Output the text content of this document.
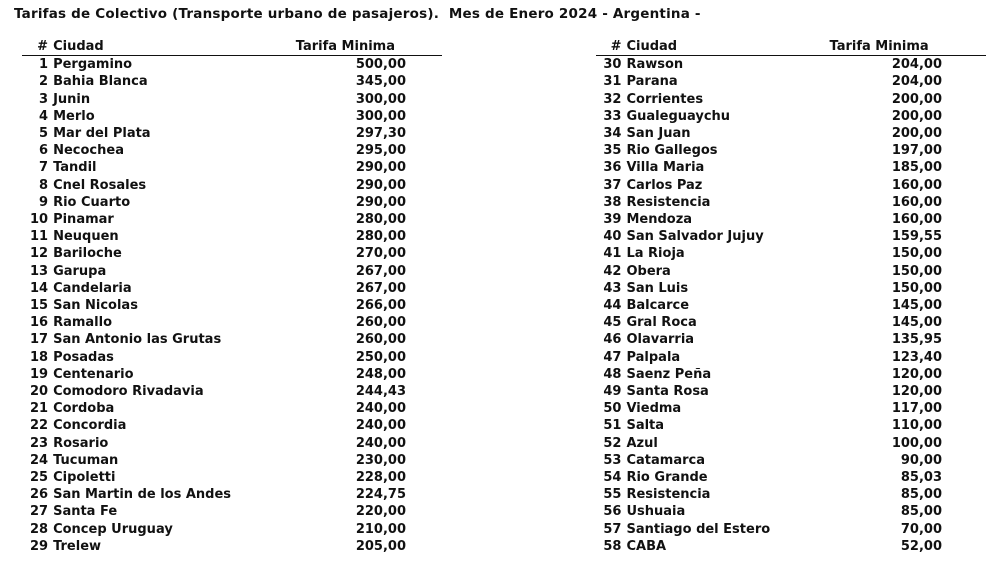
Tarifas de Colectivo (Transporte urbano de pasajeros).  Mes de Enero 2024 - Argentina -
#	Ciudad	Tarifa Minima
1	Pergamino	500,00
2	Bahia Blanca	345,00
3	Junin	300,00
4	Merlo	300,00
5	Mar del Plata	297,30
6	Necochea	295,00
7	Tandil	290,00
8	Cnel Rosales	290,00
9	Rio Cuarto	290,00
10	Pinamar	280,00
11	Neuquen	280,00
12	Bariloche	270,00
13	Garupa	267,00
14	Candelaria	267,00
15	San Nicolas	266,00
16	Ramallo	260,00
17	San Antonio las Grutas	260,00
18	Posadas	250,00
19	Centenario	248,00
20	Comodoro Rivadavia	244,43
21	Cordoba	240,00
22	Concordia	240,00
23	Rosario	240,00
24	Tucuman	230,00
25	Cipoletti	228,00
26	San Martin de los Andes	224,75
27	Santa Fe	220,00
28	Concep Uruguay	210,00
29	Trelew	205,00
#	Ciudad	Tarifa Minima
30	Rawson	204,00
31	Parana	204,00
32	Corrientes	200,00
33	Gualeguaychu	200,00
34	San Juan	200,00
35	Rio Gallegos	197,00
36	Villa Maria	185,00
37	Carlos Paz	160,00
38	Resistencia	160,00
39	Mendoza	160,00
40	San Salvador Jujuy	159,55
41	La Rioja	150,00
42	Obera	150,00
43	San Luis	150,00
44	Balcarce	145,00
45	Gral Roca	145,00
46	Olavarria	135,95
47	Palpala	123,40
48	Saenz Peña	120,00
49	Santa Rosa	120,00
50	Viedma	117,00
51	Salta	110,00
52	Azul	100,00
53	Catamarca	90,00
54	Rio Grande	85,03
55	Resistencia	85,00
56	Ushuaia	85,00
57	Santiago del Estero	70,00
58	CABA	52,00
